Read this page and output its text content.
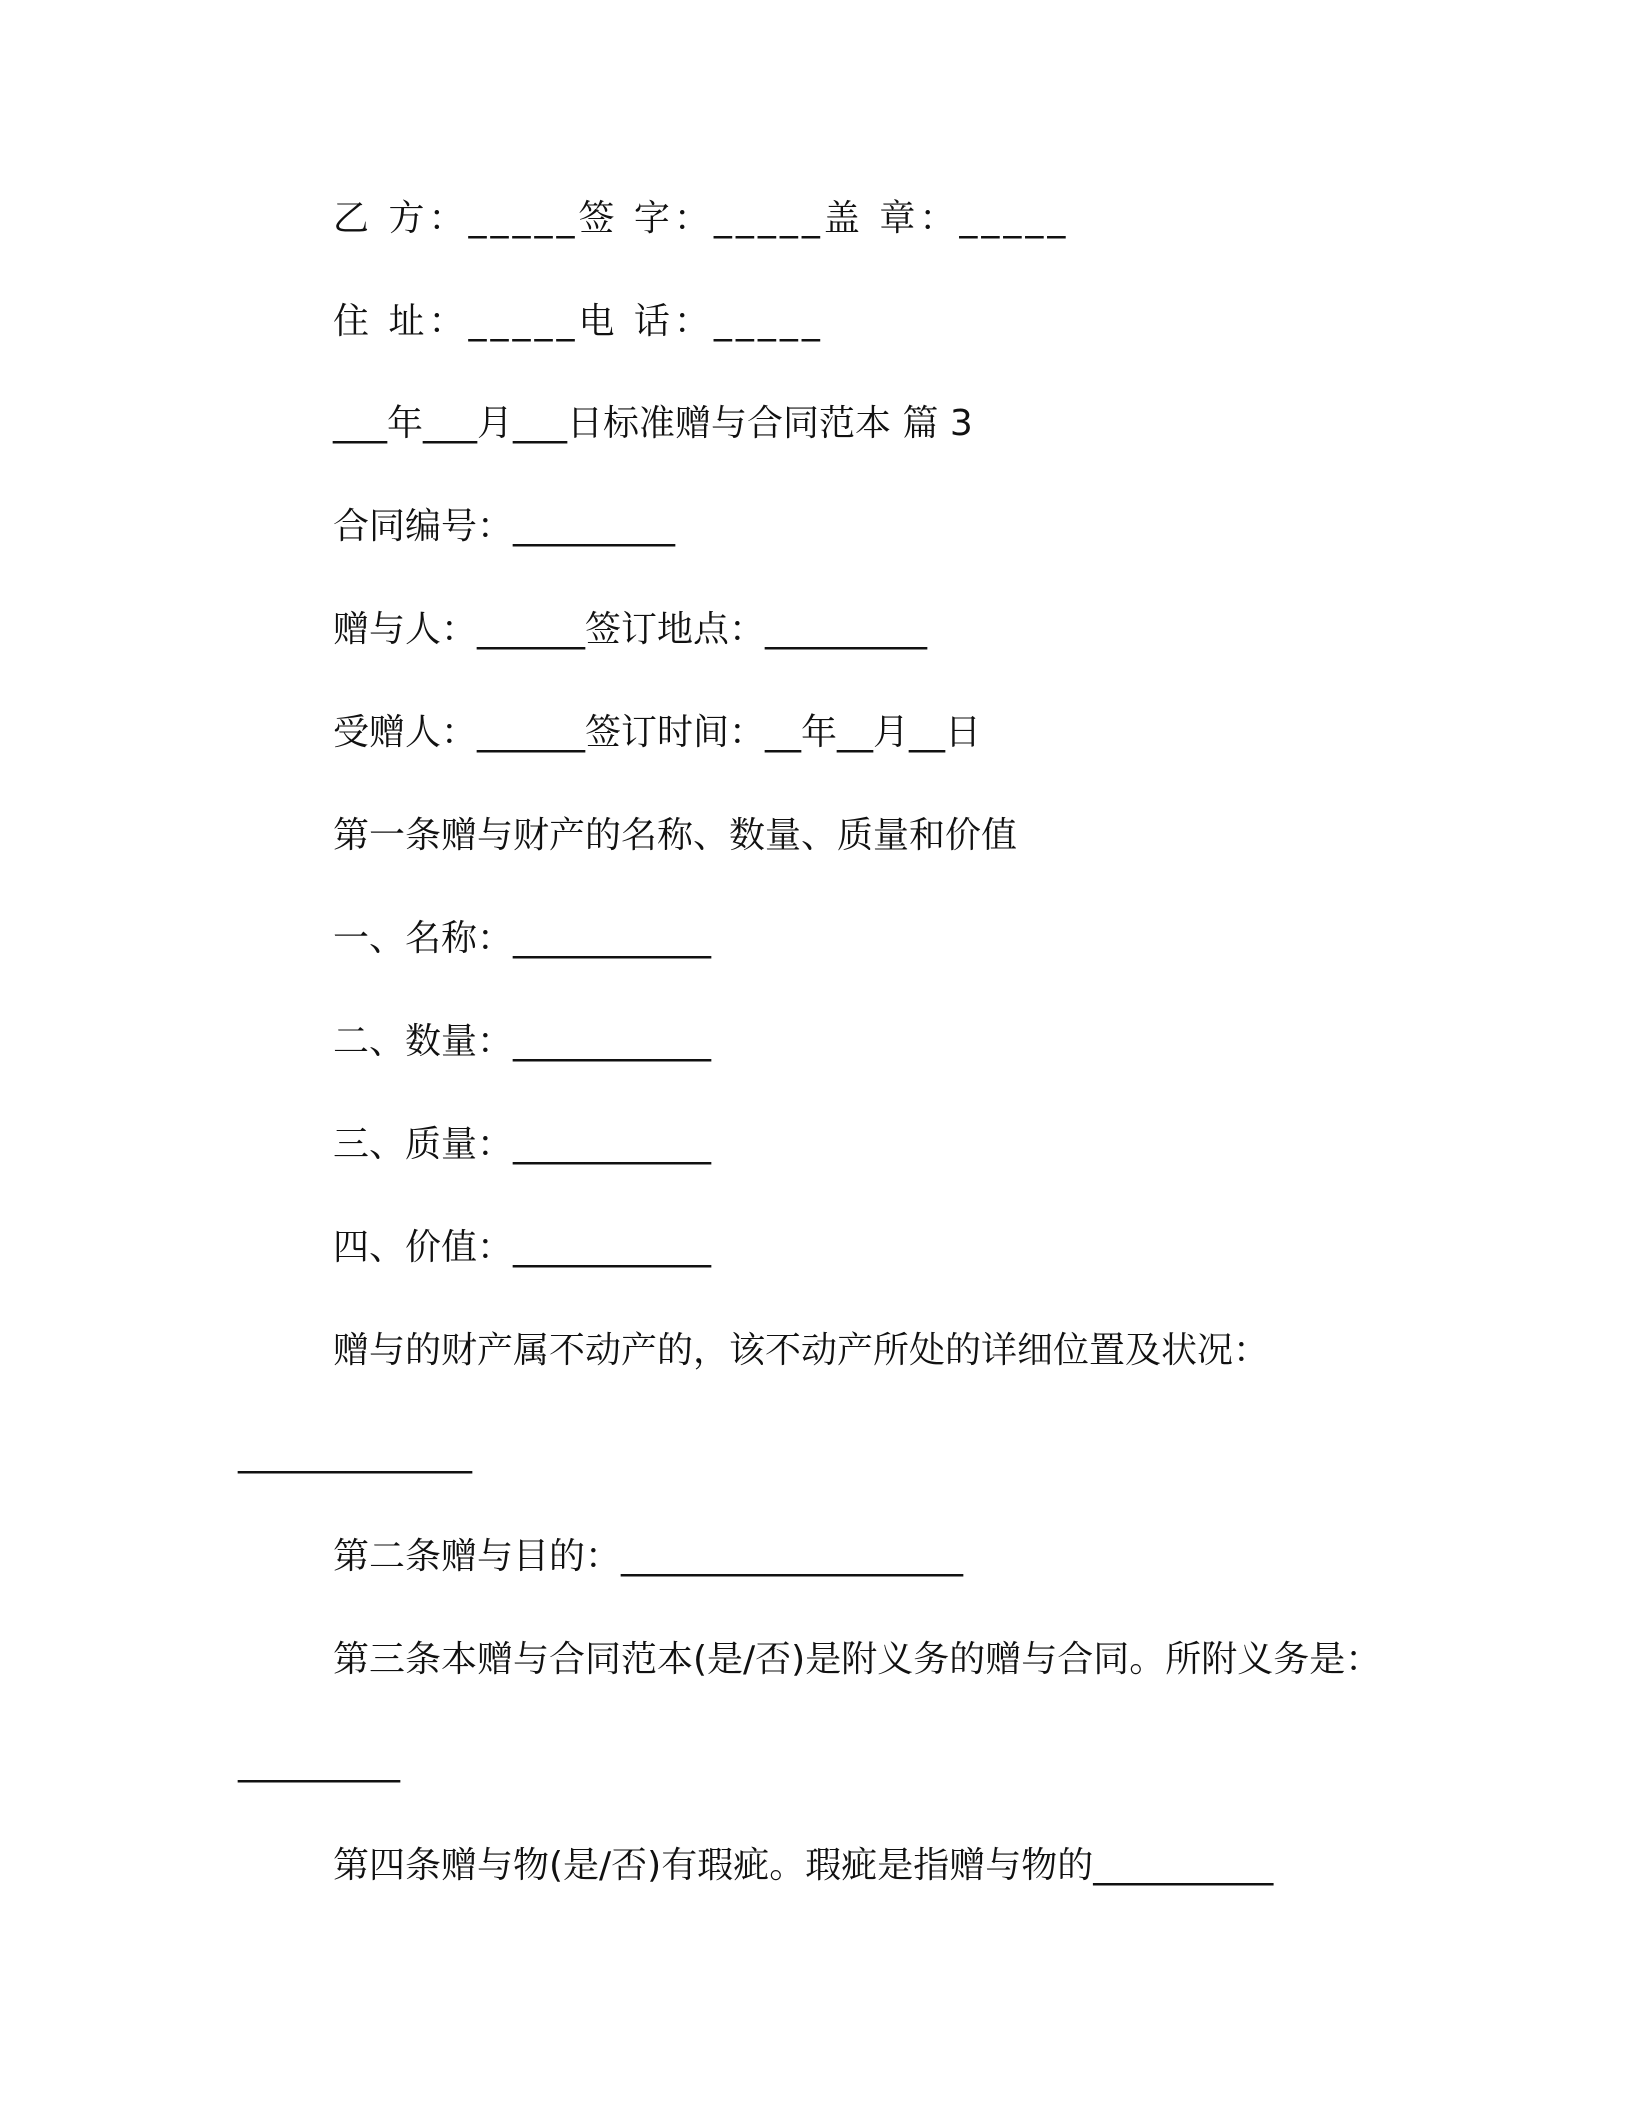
乙 方：_____签 字：_____盖 章：_____
住 址：_____电 话：_____
___年___月___日标准赠与合同范本 篇 3
合同编号：_________
赠与人：______签订地点：_________
受赠人：______签订时间：__年__月__日
第一条赠与财产的名称、数量、质量和价值
一、名称：___________
二、数量：___________
三、质量：___________
四、价值：___________
赠与的财产属不动产的，该不动产所处的详细位置及状况：
_____________
第二条赠与目的：___________________
第三条本赠与合同范本(是/否)是附义务的赠与合同。所附义务是：
_________
第四条赠与物(是/否)有瑕疵。瑕疵是指赠与物的__________
